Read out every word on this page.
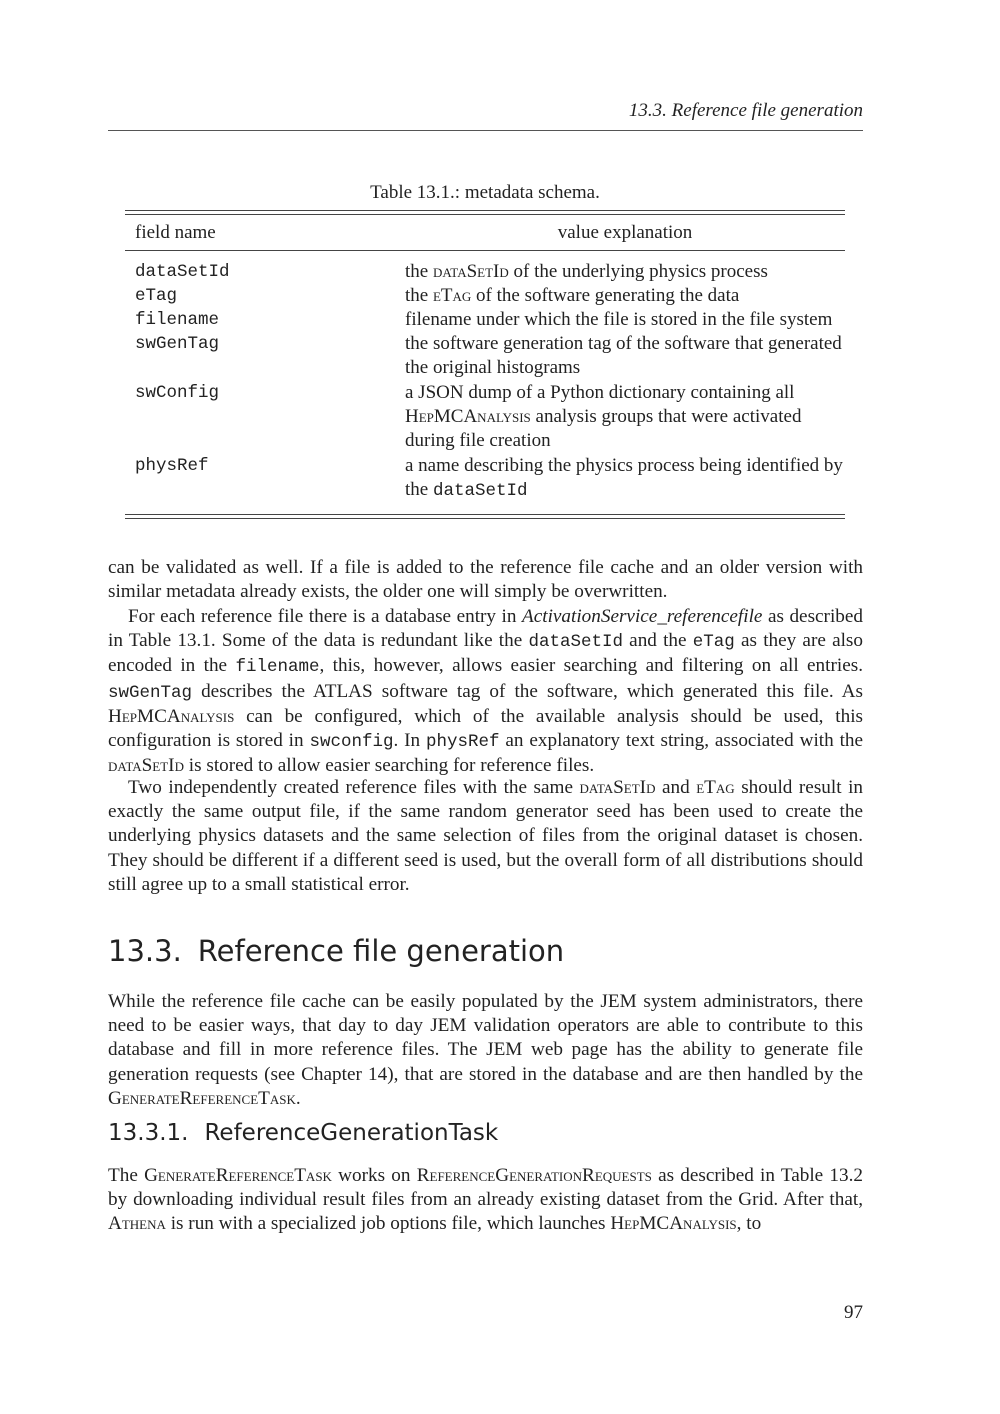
13.3. Reference file generation
Table 13.1.: metadata schema.
field name	value explanation
dataSetId	the dataSetId of the underlying physics process
eTag	the eTag of the software generating the data
filename	filename under which the file is stored in the file system
swGenTag	the software generation tag of the software that generated the original histograms
swConfig	a JSON dump of a Python dictionary containing all HepMCAnalysis analysis groups that were activated during file creation
physRef	a name describing the physics process being identified by the dataSetId

can be validated as well. If a file is added to the reference file cache and an older version with similar metadata already exists, the older one will simply be overwritten.

For each reference file there is a database entry in ActivationService_referencefile as described in Table 13.1. Some of the data is redundant like the dataSetId and the eTag as they are also encoded in the filename, this, however, allows easier searching and filtering on all entries. swGenTag describes the ATLAS software tag of the software, which generated this file. As HepMCAnalysis can be configured, which of the available analysis should be used, this configuration is stored in swconfig. In physRef an explanatory text string, associated with the dataSetId is stored to allow easier searching for reference files.

Two independently created reference files with the same dataSetId and eTag should result in exactly the same output file, if the same random generator seed has been used to create the underlying physics datasets and the same selection of files from the original dataset is chosen. They should be different if a different seed is used, but the overall form of all distributions should still agree up to a small statistical error.

13.3. Reference file generation

While the reference file cache can be easily populated by the JEM system administrators, there need to be easier ways, that day to day JEM validation operators are able to contribute to this database and fill in more reference files. The JEM web page has the ability to generate file generation requests (see Chapter 14), that are stored in the database and are then handled by the GenerateReferenceTask.

13.3.1. ReferenceGenerationTask

The GenerateReferenceTask works on ReferenceGenerationRequests as described in Table 13.2 by downloading individual result files from an already existing dataset from the Grid. After that, Athena is run with a specialized job options file, which launches HepMCAnalysis, to

97
